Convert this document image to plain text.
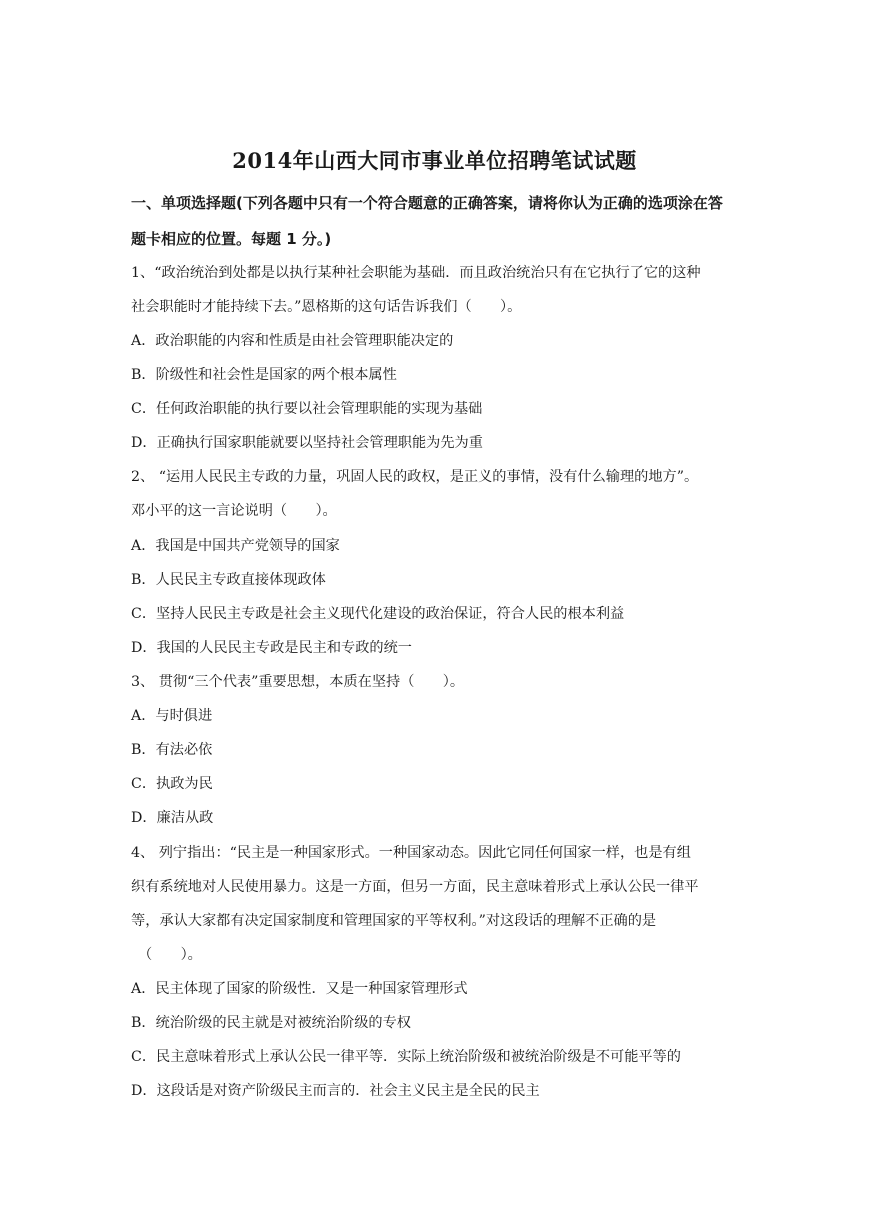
2014年山西大同市事业单位招聘笔试试题
一、单项选择题(下列各题中只有一个符合题意的正确答案，请将你认为正确的选项涂在答
题卡相应的位置。每题 1 分。)
1、“政治统治到处都是以执行某种社会职能为基础．而且政治统治只有在它执行了它的这种
社会职能时才能持续下去。”恩格斯的这句话告诉我们（　　）。
A．政治职能的内容和性质是由社会管理职能决定的
B．阶级性和社会性是国家的两个根本属性
C．任何政治职能的执行要以社会管理职能的实现为基础
D．正确执行国家职能就要以坚持社会管理职能为先为重
2、 “运用人民民主专政的力量，巩固人民的政权，是正义的事情，没有什么输理的地方”。
邓小平的这一言论说明（　　）。
A．我国是中国共产党领导的国家
B．人民民主专政直接体现政体
C．坚持人民民主专政是社会主义现代化建设的政治保证，符合人民的根本利益
D．我国的人民民主专政是民主和专政的统一
3、 贯彻“三个代表”重要思想，本质在坚持（　　）。
A．与时俱进
B．有法必依
C．执政为民
D．廉洁从政
4、 列宁指出：“民主是一种国家形式。一种国家动态。因此它同任何国家一样，也是有组
织有系统地对人民使用暴力。这是一方面，但另一方面，民主意味着形式上承认公民一律平
等，承认大家都有决定国家制度和管理国家的平等权利。”对这段话的理解不正确的是
（　　）。
A．民主体现了国家的阶级性．又是一种国家管理形式
B．统治阶级的民主就是对被统治阶级的专权
C．民主意味着形式上承认公民一律平等．实际上统治阶级和被统治阶级是不可能平等的
D．这段话是对资产阶级民主而言的．社会主义民主是全民的民主
